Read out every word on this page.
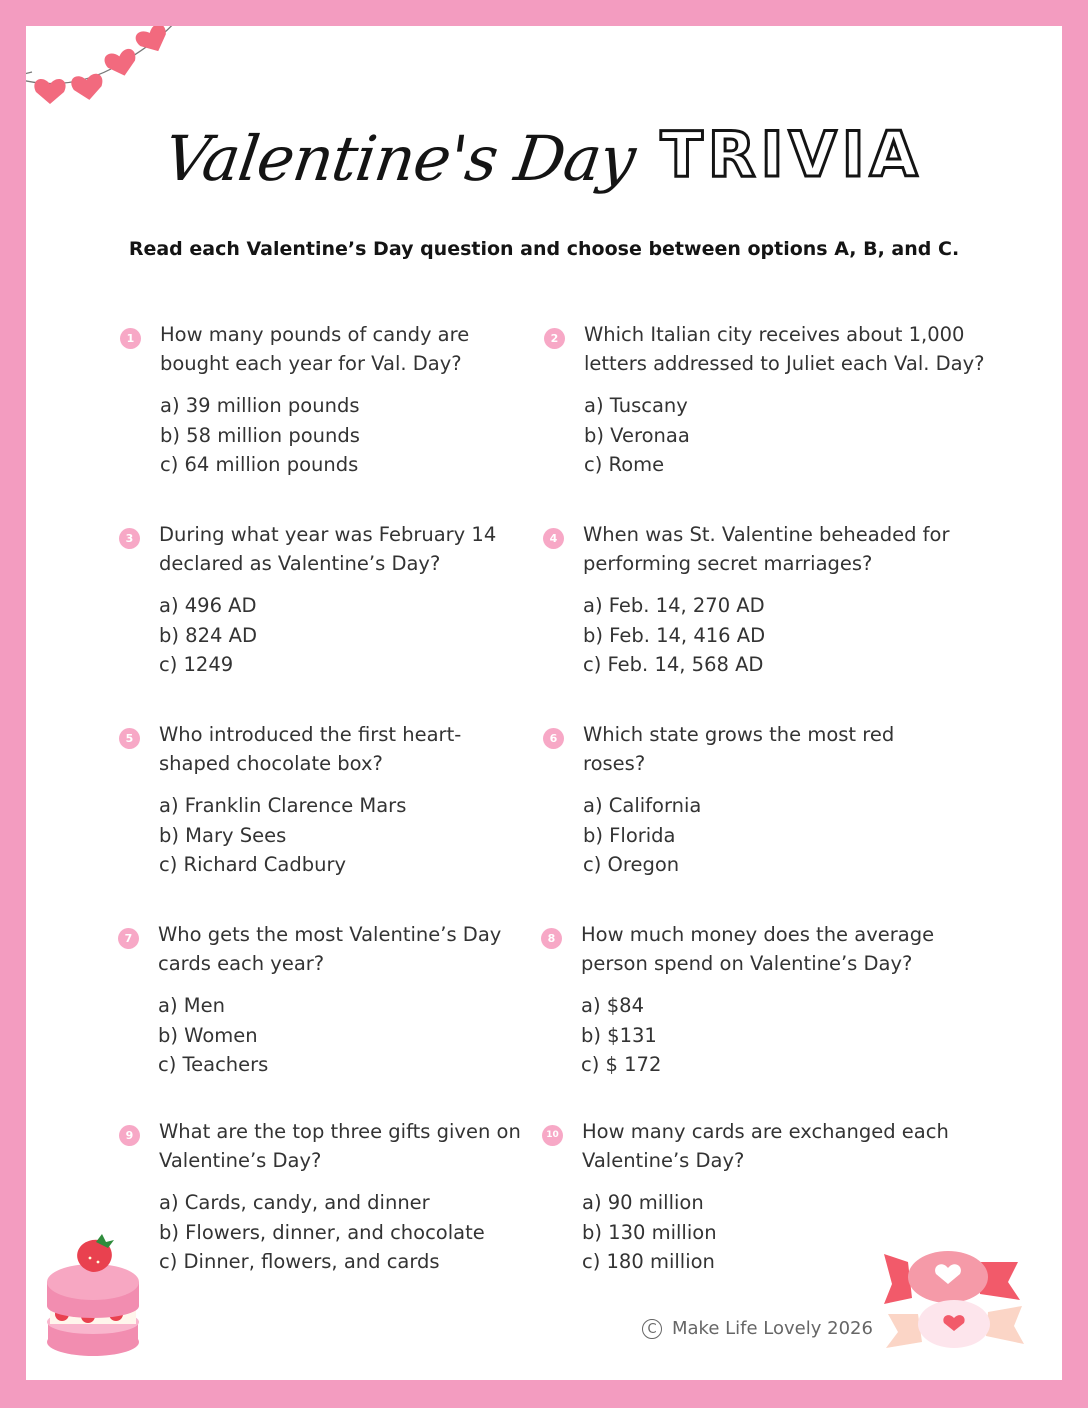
Valentine's Day TRIVIA
Read each Valentine’s Day question and choose between options A, B, and C.
1	How many pounds of candy are bought each year for Val. Day?
a) 39 million pounds
b) 58 million pounds
c) 64 million pounds
2	Which Italian city receives about 1,000 letters addressed to Juliet each Val. Day?
a) Tuscany
b) Veronaa
c) Rome
3	During what year was February 14 declared as Valentine’s Day?
a) 496 AD
b) 824 AD
c) 1249
4	When was St. Valentine beheaded for performing secret marriages?
a) Feb. 14, 270 AD
b) Feb. 14, 416 AD
c) Feb. 14, 568 AD
5	Who introduced the first heart-shaped chocolate box?
a) Franklin Clarence Mars
b) Mary Sees
c) Richard Cadbury
6	Which state grows the most red roses?
a) California
b) Florida
c) Oregon
7	Who gets the most Valentine’s Day cards each year?
a) Men
b) Women
c) Teachers
8	How much money does the average person spend on Valentine’s Day?
a) $84
b) $131
c) $ 172
9	What are the top three gifts given on Valentine’s Day?
a) Cards, candy, and dinner
b) Flowers, dinner, and chocolate
c) Dinner, flowers, and cards
10 How many cards are exchanged each Valentine’s Day?
a) 90 million
b) 130 million
c) 180 million
C Make Life Lovely 2026
